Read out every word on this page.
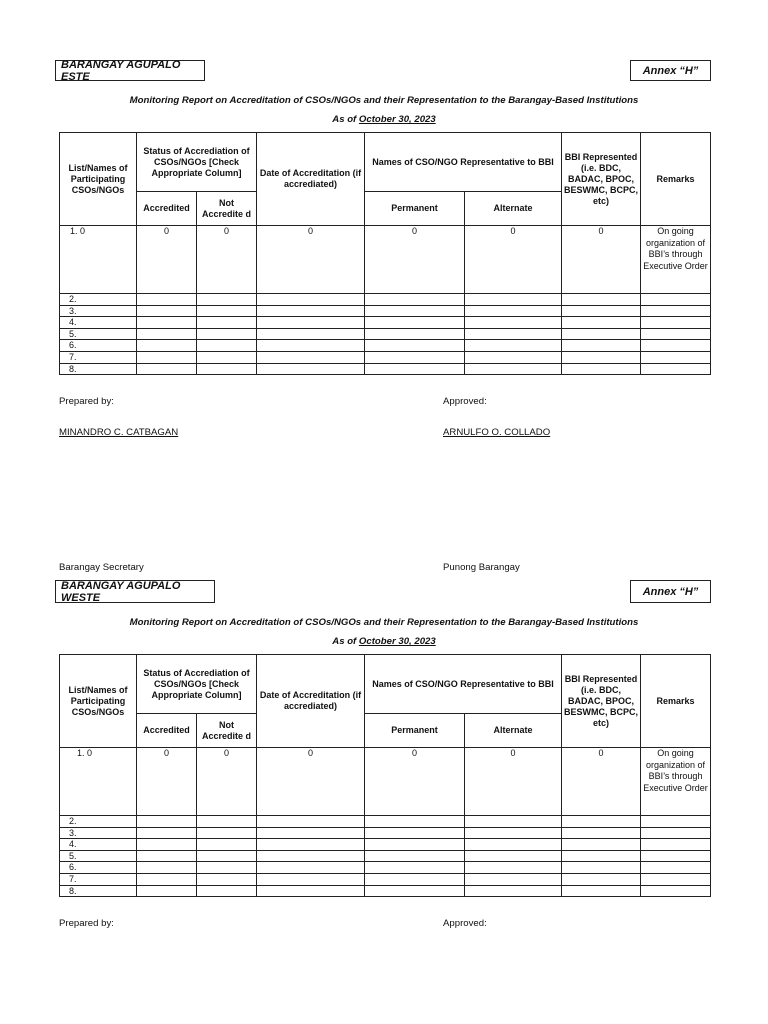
BARANGAY AGUPALO ESTE	Annex “H”
Monitoring Report on Accreditation of CSOs/NGOs and their Representation to the Barangay-Based Institutions
As of October 30, 2023
List/Names of Participating CSOs/NGOs	Status of Accrediation of CSOs/NGOs [Check Appropriate Column]		Date of Accreditation (if accrediated)	Names of CSO/NGO Representative to BBI		BBI Represented (i.e. BDC, BADAC, BPOC, BESWMC, BCPC, etc)	Remarks
	Accredited	Not Accredite d		Permanent	Alternate		
1. 0	0	0	0	0	0	0	On going organization of BBI’s through Executive Order
2.							
3.							
4.							
5.							
6.							
7.							
8.							
Prepared by:	Approved:
MINANDRO C. CATBAGAN	ARNULFO O. COLLADO
Barangay Secretary	Punong Barangay
BARANGAY AGUPALO WESTE	Annex “H”
Monitoring Report on Accreditation of CSOs/NGOs and their Representation to the Barangay-Based Institutions
As of October 30, 2023
List/Names of Participating CSOs/NGOs	Status of Accrediation of CSOs/NGOs [Check Appropriate Column]		Date of Accreditation (if accrediated)	Names of CSO/NGO Representative to BBI		BBI Represented (i.e. BDC, BADAC, BPOC, BESWMC, BCPC, etc)	Remarks
	Accredited	Not Accredite d		Permanent	Alternate		
1. 0	0	0	0	0	0	0	On going organization of BBI’s through Executive Order
2.							
3.							
4.							
5.							
6.							
7.							
8.							
Prepared by:	Approved:
